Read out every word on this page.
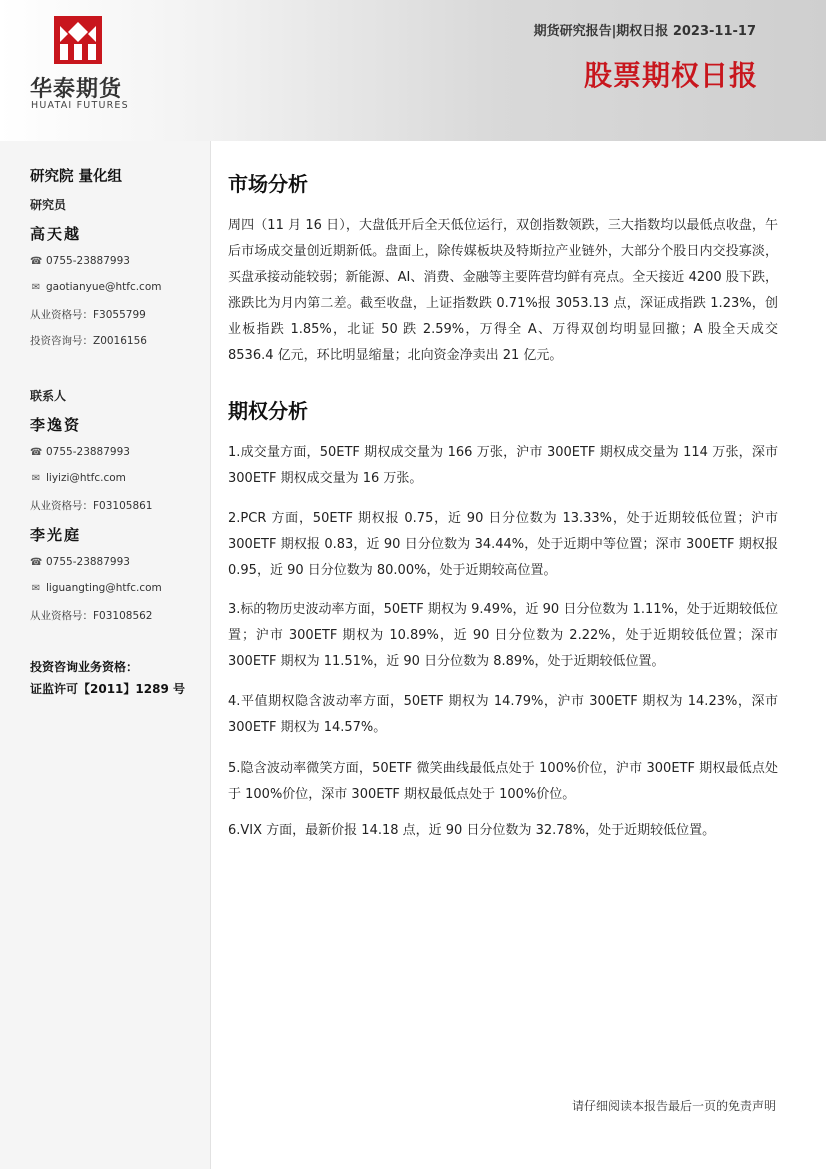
华泰期货
HUATAI FUTURES
期货研究报告|期权日报 2023-11-17
股票期权日报
研究院 量化组
研究员
高天越
☎ 0755-23887993
✉ gaotianyue@htfc.com
从业资格号：F3055799
投资咨询号：Z0016156
联系人
李逸资
☎ 0755-23887993
✉ liyizi@htfc.com
从业资格号：F03105861
李光庭
☎ 0755-23887993
✉ liguangting@htfc.com
从业资格号：F03108562
投资咨询业务资格：
证监许可【2011】1289 号
市场分析
周四（11 月 16 日），大盘低开后全天低位运行，双创指数领跌，三大指数均以最低点收盘，午后市场成交量创近期新低。盘面上，除传媒板块及特斯拉产业链外，大部分个股日内交投寡淡，买盘承接动能较弱；新能源、AI、消费、金融等主要阵营均鲜有亮点。全天接近 4200 股下跌，涨跌比为月内第二差。截至收盘，上证指数跌 0.71%报 3053.13 点，深证成指跌 1.23%，创业板指跌 1.85%，北证 50 跌 2.59%，万得全 A、万得双创均明显回撤；A 股全天成交 8536.4 亿元，环比明显缩量；北向资金净卖出 21 亿元。
期权分析
1.成交量方面，50ETF 期权成交量为 166 万张，沪市 300ETF 期权成交量为 114 万张，深市 300ETF 期权成交量为 16 万张。
2.PCR 方面，50ETF 期权报 0.75，近 90 日分位数为 13.33%，处于近期较低位置；沪市 300ETF 期权报 0.83，近 90 日分位数为 34.44%，处于近期中等位置；深市 300ETF 期权报 0.95，近 90 日分位数为 80.00%，处于近期较高位置。
3.标的物历史波动率方面，50ETF 期权为 9.49%，近 90 日分位数为 1.11%，处于近期较低位置；沪市 300ETF 期权为 10.89%，近 90 日分位数为 2.22%，处于近期较低位置；深市 300ETF 期权为 11.51%，近 90 日分位数为 8.89%，处于近期较低位置。
4.平值期权隐含波动率方面，50ETF 期权为 14.79%，沪市 300ETF 期权为 14.23%，深市 300ETF 期权为 14.57%。
5.隐含波动率微笑方面，50ETF 微笑曲线最低点处于 100%价位，沪市 300ETF 期权最低点处于 100%价位，深市 300ETF 期权最低点处于 100%价位。
6.VIX 方面，最新价报 14.18 点，近 90 日分位数为 32.78%，处于近期较低位置。
请仔细阅读本报告最后一页的免责声明
